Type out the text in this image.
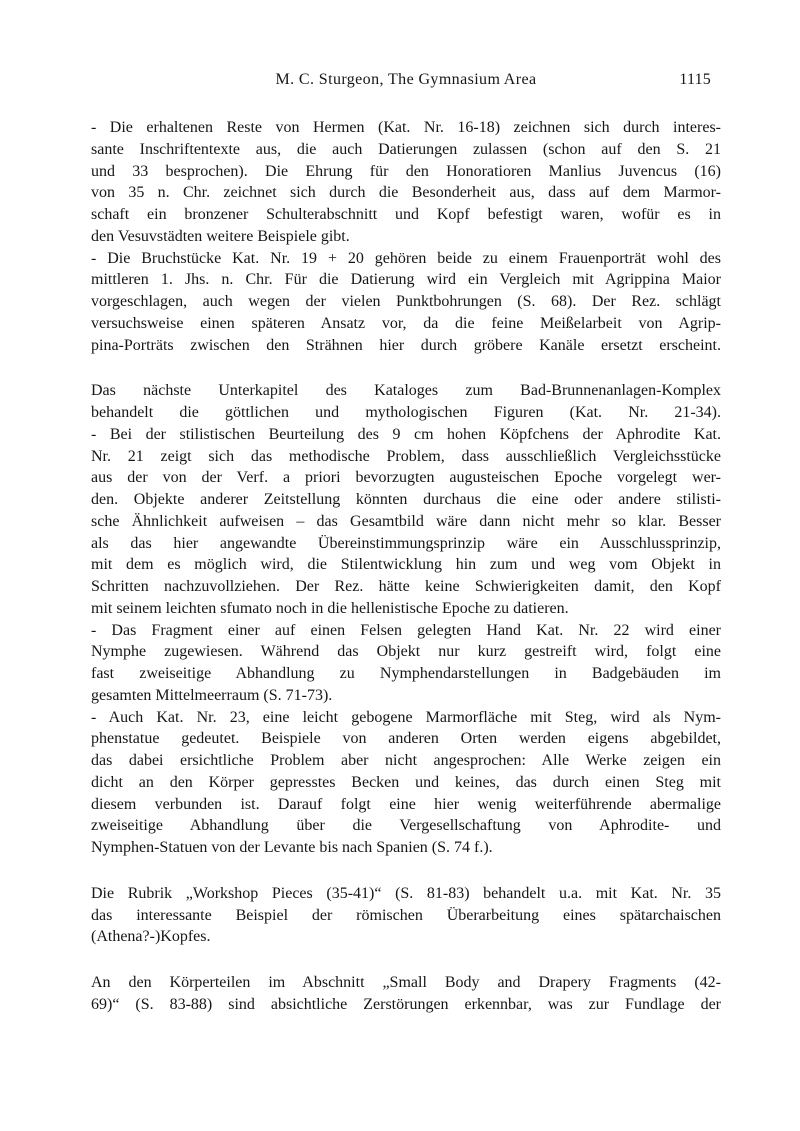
M. C. Sturgeon, The Gymnasium Area	1115
- Die erhaltenen Reste von Hermen (Kat. Nr. 16-18) zeichnen sich durch interes-
sante Inschriftentexte aus, die auch Datierungen zulassen (schon auf den S. 21
und 33 besprochen). Die Ehrung für den Honoratioren Manlius Juvencus (16)
von 35 n. Chr. zeichnet sich durch die Besonderheit aus, dass auf dem Marmor-
schaft ein bronzener Schulterabschnitt und Kopf befestigt waren, wofür es in
den Vesuvstädten weitere Beispiele gibt.
- Die Bruchstücke Kat. Nr. 19 + 20 gehören beide zu einem Frauenporträt wohl des
mittleren 1. Jhs. n. Chr. Für die Datierung wird ein Vergleich mit Agrippina Maior
vorgeschlagen, auch wegen der vielen Punktbohrungen (S. 68). Der Rez. schlägt
versuchsweise einen späteren Ansatz vor, da die feine Meißelarbeit von Agrip-
pina-Porträts zwischen den Strähnen hier durch gröbere Kanäle ersetzt erscheint.
Das nächste Unterkapitel des Kataloges zum Bad-Brunnenanlagen-Komplex
behandelt die göttlichen und mythologischen Figuren (Kat. Nr. 21-34).
- Bei der stilistischen Beurteilung des 9 cm hohen Köpfchens der Aphrodite Kat.
Nr. 21 zeigt sich das methodische Problem, dass ausschließlich Vergleichsstücke
aus der von der Verf. a priori bevorzugten augusteischen Epoche vorgelegt wer-
den. Objekte anderer Zeitstellung könnten durchaus die eine oder andere stilisti-
sche Ähnlichkeit aufweisen – das Gesamtbild wäre dann nicht mehr so klar. Besser
als das hier angewandte Übereinstimmungsprinzip wäre ein Ausschlussprinzip,
mit dem es möglich wird, die Stilentwicklung hin zum und weg vom Objekt in
Schritten nachzuvollziehen. Der Rez. hätte keine Schwierigkeiten damit, den Kopf
mit seinem leichten sfumato noch in die hellenistische Epoche zu datieren.
- Das Fragment einer auf einen Felsen gelegten Hand Kat. Nr. 22 wird einer
Nymphe zugewiesen. Während das Objekt nur kurz gestreift wird, folgt eine
fast zweiseitige Abhandlung zu Nymphendarstellungen in Badgebäuden im
gesamten Mittelmeerraum (S. 71-73).
- Auch Kat. Nr. 23, eine leicht gebogene Marmorfläche mit Steg, wird als Nym-
phenstatue gedeutet. Beispiele von anderen Orten werden eigens abgebildet,
das dabei ersichtliche Problem aber nicht angesprochen: Alle Werke zeigen ein
dicht an den Körper gepresstes Becken und keines, das durch einen Steg mit
diesem verbunden ist. Darauf folgt eine hier wenig weiterführende abermalige
zweiseitige Abhandlung über die Vergesellschaftung von Aphrodite- und
Nymphen-Statuen von der Levante bis nach Spanien (S. 74 f.).
Die Rubrik „Workshop Pieces (35-41)“ (S. 81-83) behandelt u.a. mit Kat. Nr. 35
das interessante Beispiel der römischen Überarbeitung eines spätarchaischen
(Athena?-)Kopfes.
An den Körperteilen im Abschnitt „Small Body and Drapery Fragments (42-
69)“ (S. 83-88) sind absichtliche Zerstörungen erkennbar, was zur Fundlage der
